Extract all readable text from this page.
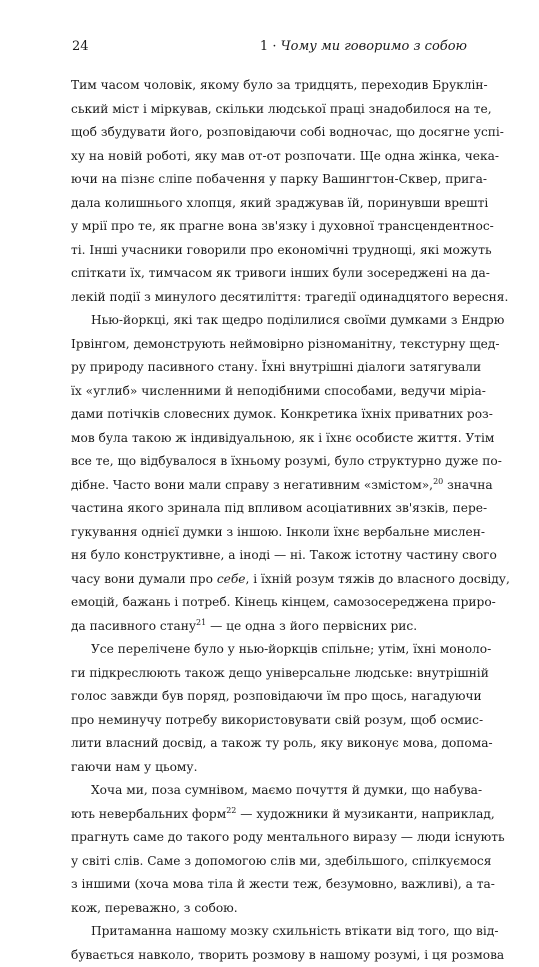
24	1 · Чому ми говоримо з собою
Тим часом чоловік, якому було за тридцять, переходив Бруклін-
ський міст і міркував, скільки людської праці знадобилося на те,
щоб збудувати його, розповідаючи собі водночас, що досягне успі-
ху на новій роботі, яку мав от-от розпочати. Ще одна жінка, чека-
ючи на пізнє сліпе побачення у парку Вашингтон-Сквер, прига-
дала колишнього хлопця, який зраджував їй, поринувши врешті
у мрії про те, як прагне вона зв'язку і духовної трансцендентнос-
ті. Інші учасники говорили про економічні труднощі, які можуть
спіткати їх, тимчасом як тривоги інших були зосереджені на да-
лекій події з минулого десятиліття: трагедії одинадцятого вересня.
Нью-йоркці, які так щедро поділилися своїми думками з Ендрю
Ірвінгом, демонструють неймовірно різноманітну, текстурну щед-
ру природу пасивного стану. Їхні внутрішні діалоги затягували
їх «углиб» численними й неподібними способами, ведучи міріа-
дами потічків словесних думок. Конкретика їхніх приватних роз-
мов була такою ж індивідуальною, як і їхнє особисте життя. Утім
все те, що відбувалося в їхньому розумі, було структурно дуже по-
дібне. Часто вони мали справу з негативним «змістом»,$^{20}$ значна
частина якого зринала під впливом асоціативних зв'язків, пере-
гукування однієї думки з іншою. Інколи їхнє вербальне мислен-
ня було конструктивне, а іноді — ні. Також істотну частину свого
часу вони думали про себе, і їхній розум тяжів до власного досвіду,
емоцій, бажань і потреб. Кінець кінцем, самозосереджена приро-
да пасивного стану$^{21}$ — це одна з його первісних рис.
Усе перелічене було у нью-йоркців спільне; утім, їхні моноло-
ги підкреслюють також дещо універсальне людське: внутрішній
голос завжди був поряд, розповідаючи їм про щось, нагадуючи
про неминучу потребу використовувати свій розум, щоб осмис-
лити власний досвід, а також ту роль, яку виконує мова, допома-
гаючи нам у цьому.
Хоча ми, поза сумнівом, маємо почуття й думки, що набува-
ють невербальних форм$^{22}$ — художники й музиканти, наприклад,
прагнуть саме до такого роду ментального виразу — люди існують
у світі слів. Саме з допомогою слів ми, здебільшого, спілкуємося
з іншими (хоча мова тіла й жести теж, безумовно, важливі), а та-
кож, переважно, з собою.
Притаманна нашому мозку схильність втікати від того, що від-
бувається навколо, творить розмову в нашому розумі, і ця розмова
